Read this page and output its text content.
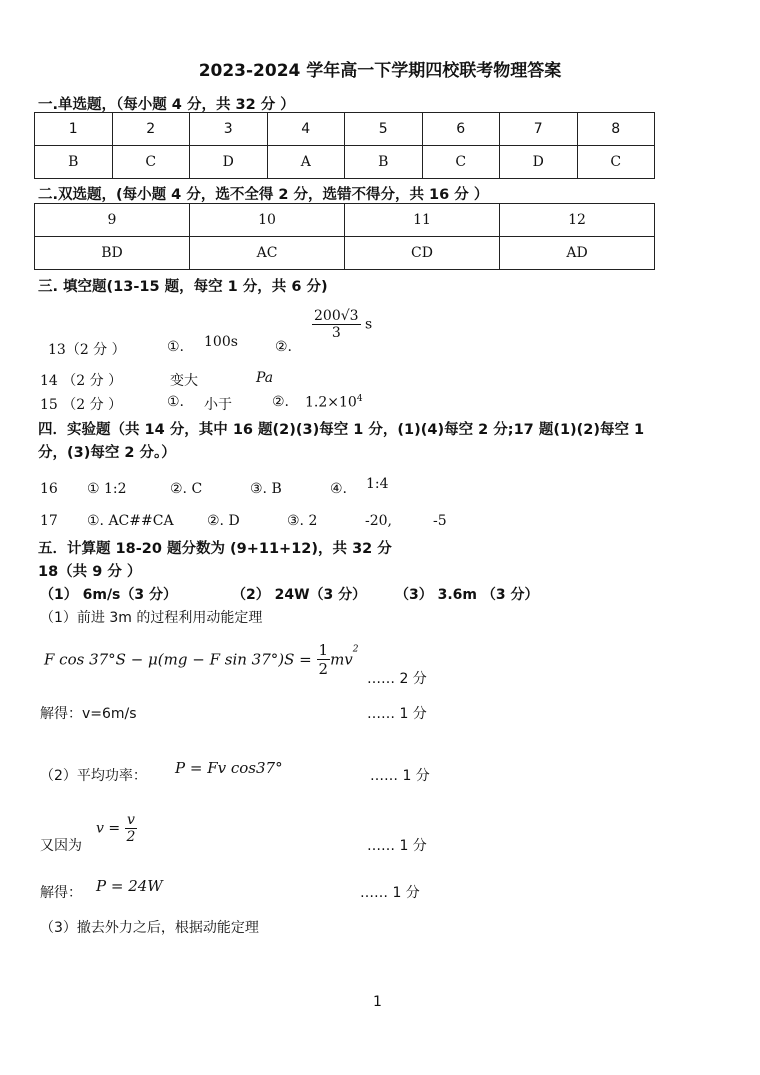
2023-2024 学年高一下学期四校联考物理答案
一.单选题，（每小题 4 分，共 32 分 ）
1	2	3	4	5	6	7	8
B	C	D	A	B	C	D	C
二.双选题，(每小题 4 分，选不全得 2 分，选错不得分，共 16 分 ）
9	10	11	12
BD	AC	CD	AD
三. 填空题(13-15 题，每空 1 分，共 6 分)
13（2 分 ）	①. 100s	②.
$\frac{200√3}{3}$ s
14 （2 分 ）	变大	Pa
15 （2 分 ）	①. 小于	②. $1.2\times 10^4$
四．实验题（共 14 分，其中 16 题(2)(3)每空 1 分，(1)(4)每空 2 分;17 题(1)(2)每空 1
分，(3)每空 2 分。）
16 ① 1:2	②. C	③. B	④. 1:4
17 ①. AC##CA ②. D	③. 2	-20,	-5
五．计算题 18-20 题分数为 (9+11+12)，共 32 分
18（共 9 分 ）
（1） 6m/s（3 分）	（2） 24W（3 分） （3） 3.6m （3 分）
（1）前进 3m 的过程利用动能定理
F cos 37°S − μ(mg − F $\sin 37^\circ)S = \frac{1}{2} mv^2$
…… 2 分
解得：v=6m/s	…… 1 分
（2）平均功率： P = Fv cos37°	…… 1 分
$v = \frac{v}{2}$
又因为	…… 1 分
解得： P = 24W	…… 1 分
（3）撤去外力之后，根据动能定理
1
